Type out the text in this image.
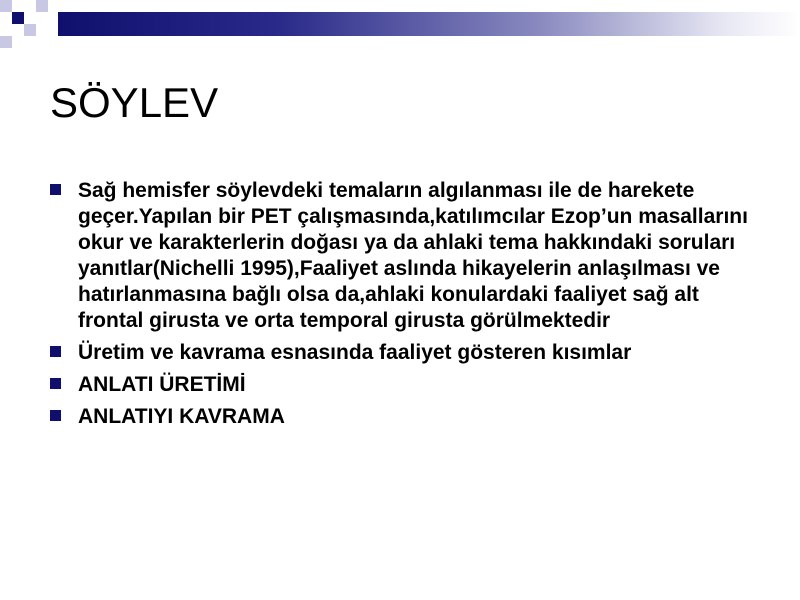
SÖYLEV
Sağ hemisfer söylevdeki temaların algılanması ile de harekete geçer.Yapılan bir PET çalışmasında,katılımcılar Ezop’un masallarını okur ve karakterlerin doğası ya da ahlaki tema hakkındaki soruları yanıtlar(Nichelli 1995),Faaliyet aslında hikayelerin anlaşılması ve hatırlanmasına bağlı olsa da,ahlaki konulardaki faaliyet sağ alt frontal girusta ve orta temporal girusta görülmektedir
Üretim ve kavrama esnasında faaliyet gösteren kısımlar
ANLATI ÜRETİMİ
ANLATIYI KAVRAMA
